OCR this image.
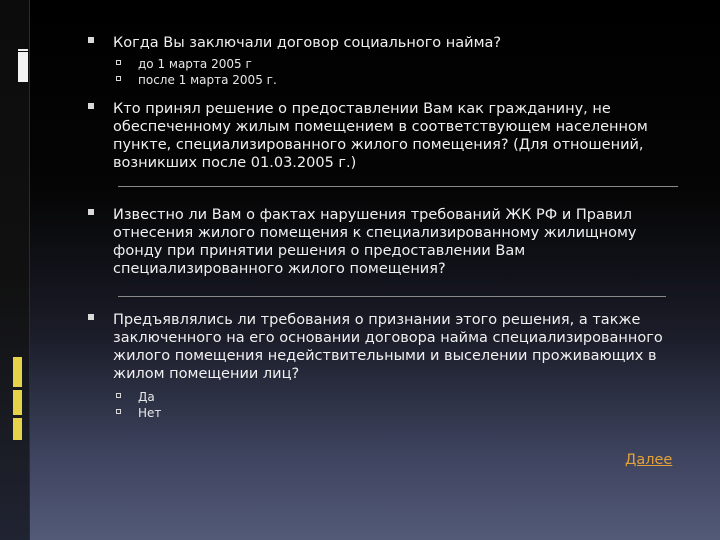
Когда Вы заключали договор социального найма?
до 1 марта 2005 г
после 1 марта 2005 г.
Кто принял решение о предоставлении Вам как гражданину, не обеспеченному жилым помещением в соответствующем населенном пункте, специализированного жилого помещения? (Для отношений, возникших после 01.03.2005 г.)
Известно ли Вам о фактах нарушения требований ЖК РФ и Правил отнесения жилого помещения к специализированному жилищному фонду при принятии решения о предоставлении Вам специализированного жилого помещения?
Предъявлялись ли требования о признании этого решения, а также заключенного на его основании договора найма специализированного жилого помещения недействительными и выселении проживающих в жилом помещении лиц?
Да
Нет
Далее
